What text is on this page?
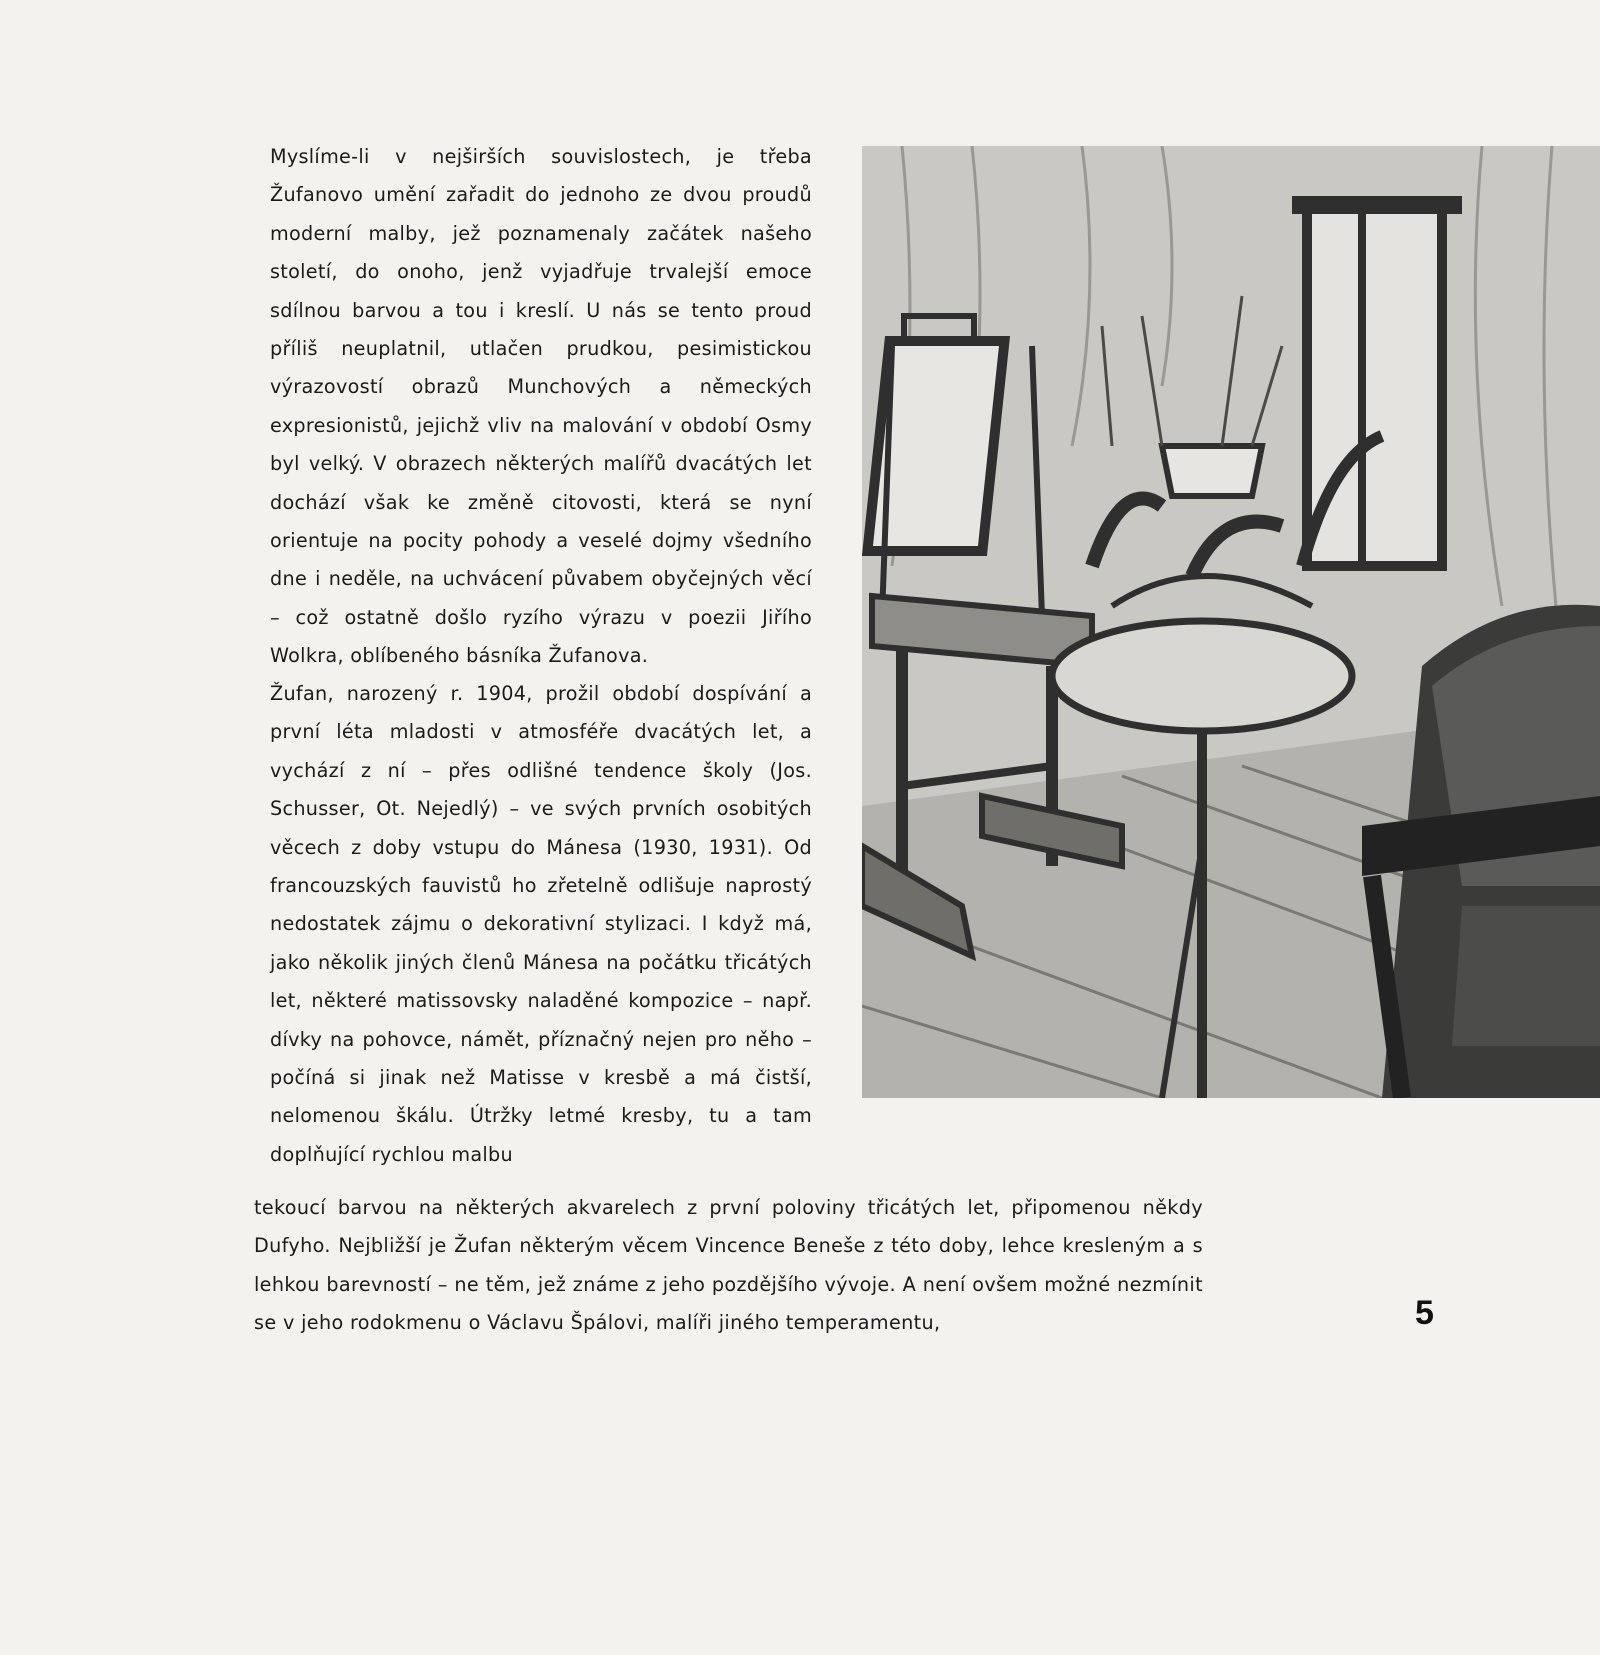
Myslíme-li v nejširších souvislostech, je třeba Žufanovo umění zařadit do jednoho ze dvou proudů moderní malby, jež poznamenaly začátek našeho století, do onoho, jenž vyjadřuje trvalejší emoce sdílnou barvou a tou i kreslí. U nás se tento proud příliš neuplatnil, utlačen prudkou, pesimistickou výrazovostí obrazů Munchových a německých expresionistů, jejichž vliv na malování v období Osmy byl velký. V obrazech některých malířů dvacátých let dochází však ke změně citovosti, která se nyní orientuje na pocity pohody a veselé dojmy všedního dne i neděle, na uchvácení půvabem obyčejných věcí – což ostatně došlo ryzího výrazu v poezii Jiřího Wolkra, oblíbeného básníka Žufanova.

Žufan, narozený r. 1904, prožil období dospívání a první léta mladosti v atmosféře dvacátých let, a vychází z ní – přes odlišné tendence školy (Jos. Schusser, Ot. Nejedlý) – ve svých prvních osobitých věcech z doby vstupu do Mánesa (1930, 1931). Od francouzských fauvistů ho zřetelně odlišuje naprostý nedostatek zájmu o dekorativní stylizaci. I když má, jako několik jiných členů Mánesa na počátku třicátých let, některé matissovsky naladěné kompozice – např. dívky na pohovce, námět, příznačný nejen pro něho – počíná si jinak než Matisse v kresbě a má čistší, nelomenou škálu. Útržky letmé kresby, tu a tam doplňující rychlou malbu

tekoucí barvou na některých akvarelech z první poloviny třicátých let, připomenou někdy Dufyho. Nejbližší je Žufan některým věcem Vincence Beneše z této doby, lehce kresleným a s lehkou barevností – ne těm, jež známe z jeho pozdějšího vývoje. A není ovšem možné nezmínit se v jeho rodokmenu o Václavu Špálovi, malíři jiného temperamentu,	5
